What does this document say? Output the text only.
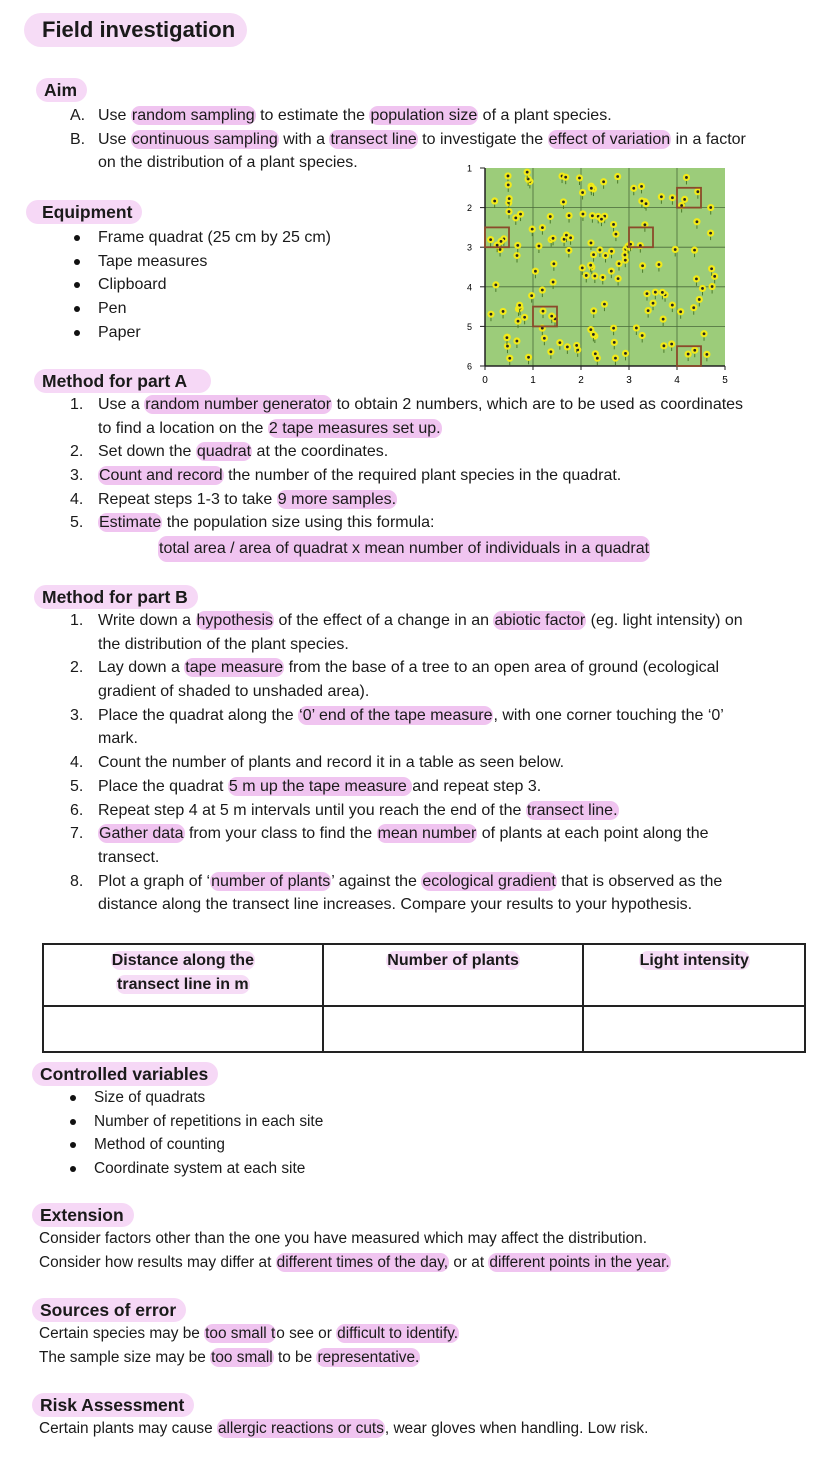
Field investigation
Aim
A. Use random sampling to estimate the population size of a plant species.
B. Use continuous sampling with a transect line to investigate the effect of variation in a factor
on the distribution of a plant species.
Equipment
Frame quadrat (25 cm by 25 cm)
Tape measures
Clipboard
Pen
Paper
1
2
3
4
5
6
0	1	2	3	4	5
Method for part A
1. Use a random number generator to obtain 2 numbers, which are to be used as coordinates
to find a location on the 2 tape measures set up.
2. Set down the quadrat at the coordinates.
3. Count and record the number of the required plant species in the quadrat.
4. Repeat steps 1-3 to take 9 more samples.
5. Estimate the population size using this formula:
total area / area of quadrat x mean number of individuals in a quadrat
Method for part B
1. Write down a hypothesis of the effect of a change in an abiotic factor (eg. light intensity) on
the distribution of the plant species.
2. Lay down a tape measure from the base of a tree to an open area of ground (ecological
gradient of shaded to unshaded area).
3. Place the quadrat along the ‘0’ end of the tape measure, with one corner touching the ‘0’
mark.
4. Count the number of plants and record it in a table as seen below.
5. Place the quadrat 5 m up the tape measure and repeat step 3.
6. Repeat step 4 at 5 m intervals until you reach the end of the transect line.
7. Gather data from your class to find the mean number of plants at each point along the
transect.
8. Plot a graph of ‘number of plants’ against the ecological gradient that is observed as the
distance along the transect line increases. Compare your results to your hypothesis.
Distance along the
transect line in m	Number of plants	Light intensity

Controlled variables
Size of quadrats
Number of repetitions in each site
Method of counting
Coordinate system at each site
Extension
Consider factors other than the one you have measured which may affect the distribution.
Consider how results may differ at different times of the day, or at different points in the year.
Sources of error
Certain species may be too small to see or difficult to identify.
The sample size may be too small to be representative.
Risk Assessment
Certain plants may cause allergic reactions or cuts, wear gloves when handling. Low risk.
